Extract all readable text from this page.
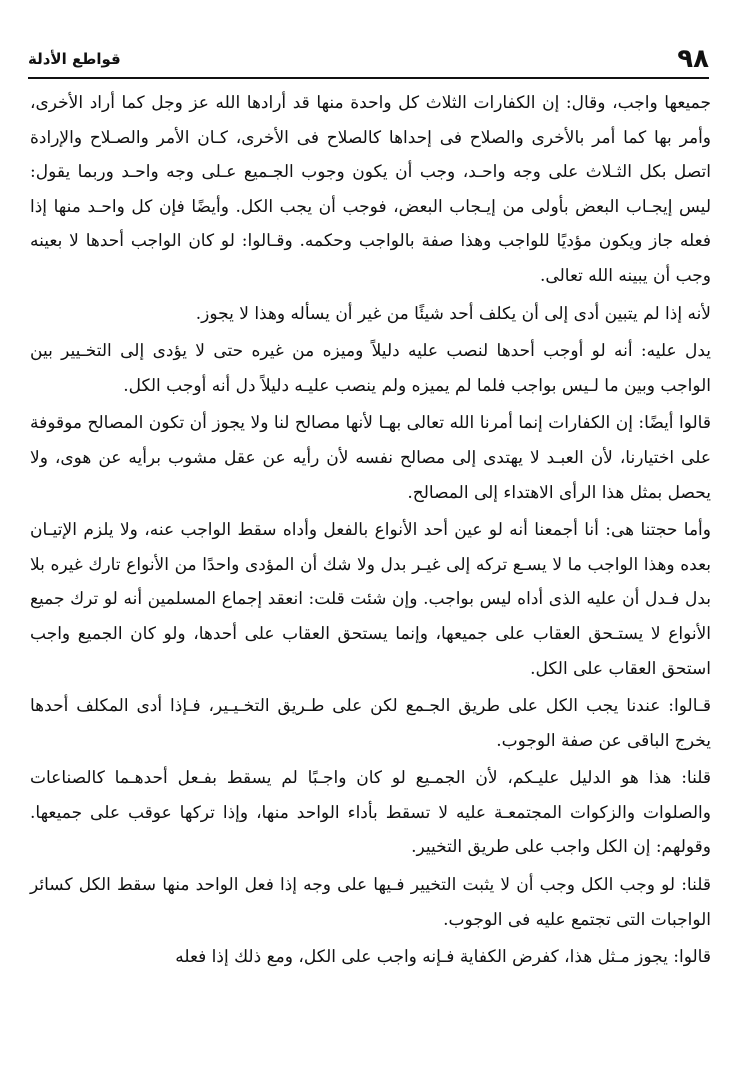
٩٨
قواطع الأدلة

جميعها واجب، وقال: إن الكفارات الثلاث كل واحدة منها قد أرادها الله عز وجل كما أراد الأخرى، وأمر بها كما أمر بالأخرى والصلاح فى إحداها كالصلاح فى الأخرى، كـان الأمر والصـلاح والإرادة اتصل بكل الثـلاث على وجه واحـد، وجب أن يكون وجوب الجـميع عـلى وجه واحـد وربما يقول: ليس إيجـاب البعض بأولى من إيـجاب البعض، فوجب أن يجب الكل. وأيضًا فإن كل واحـد منها إذا فعله جاز ويكون مؤديًا للواجب وهذا صفة بالواجب وحكمه. وقـالوا: لو كان الواجب أحدها لا بعينه وجب أن يبينه الله تعالى.

لأنه إذا لم يتبين أدى إلى أن يكلف أحد شيئًا من غير أن يسأله وهذا لا يجوز.

يدل عليه: أنه لو أوجب أحدها لنصب عليه دليلاً وميزه من غيره حتى لا يؤدى إلى التخـيير بين الواجب وبين ما لـيس بواجب فلما لم يميزه ولم ينصب عليـه دليلاً دل أنه أوجب الكل.

قالوا أيضًا: إن الكفارات إنما أمرنا الله تعالى بهـا لأنها مصالح لنا ولا يجوز أن تكون المصالح موقوفة على اختيارنا، لأن العبـد لا يهتدى إلى مصالح نفسه لأن رأيه عن عقل مشوب برأيه عن هوى، ولا يحصل بمثل هذا الرأى الاهتداء إلى المصالح.

وأما حجتنا هى: أنا أجمعنا أنه لو عين أحد الأنواع بالفعل وأداه سقط الواجب عنه، ولا يلزم الإتيـان بعده وهذا الواجب ما لا يسـع تركه إلى غيـر بدل ولا شك أن المؤدى واحدًا من الأنواع تارك غيره بلا بدل فـدل أن عليه الذى أداه ليس بواجب. وإن شئت قلت: انعقد إجماع المسلمين أنه لو ترك جميع الأنواع لا يستـحق العقاب على جميعها، وإنما يستحق العقاب على أحدها، ولو كان الجميع واجب استحق العقاب على الكل.

قـالوا: عندنا يجب الكل على طريق الجـمع لكن على طـريق التخـيـير، فـإذا أدى المكلف أحدها يخرج الباقى عن صفة الوجوب.

قلنا: هذا هو الدليل عليـكم، لأن الجمـيع لو كان واجـبًا لم يسقط بفـعل أحدهـما كالصناعات والصلوات والزكوات المجتمعـة عليه لا تسقط بأداء الواحد منها، وإذا تركها عوقب على جميعها. وقولهم: إن الكل واجب على طريق التخيير.

قلنا: لو وجب الكل وجب أن لا يثبت التخيير فـيها على وجه إذا فعل الواحد منها سقط الكل كسائر الواجبات التى تجتمع عليه فى الوجوب.

قالوا: يجوز مـثل هذا، كفرض الكفاية فـإنه واجب على الكل، ومع ذلك إذا فعله
